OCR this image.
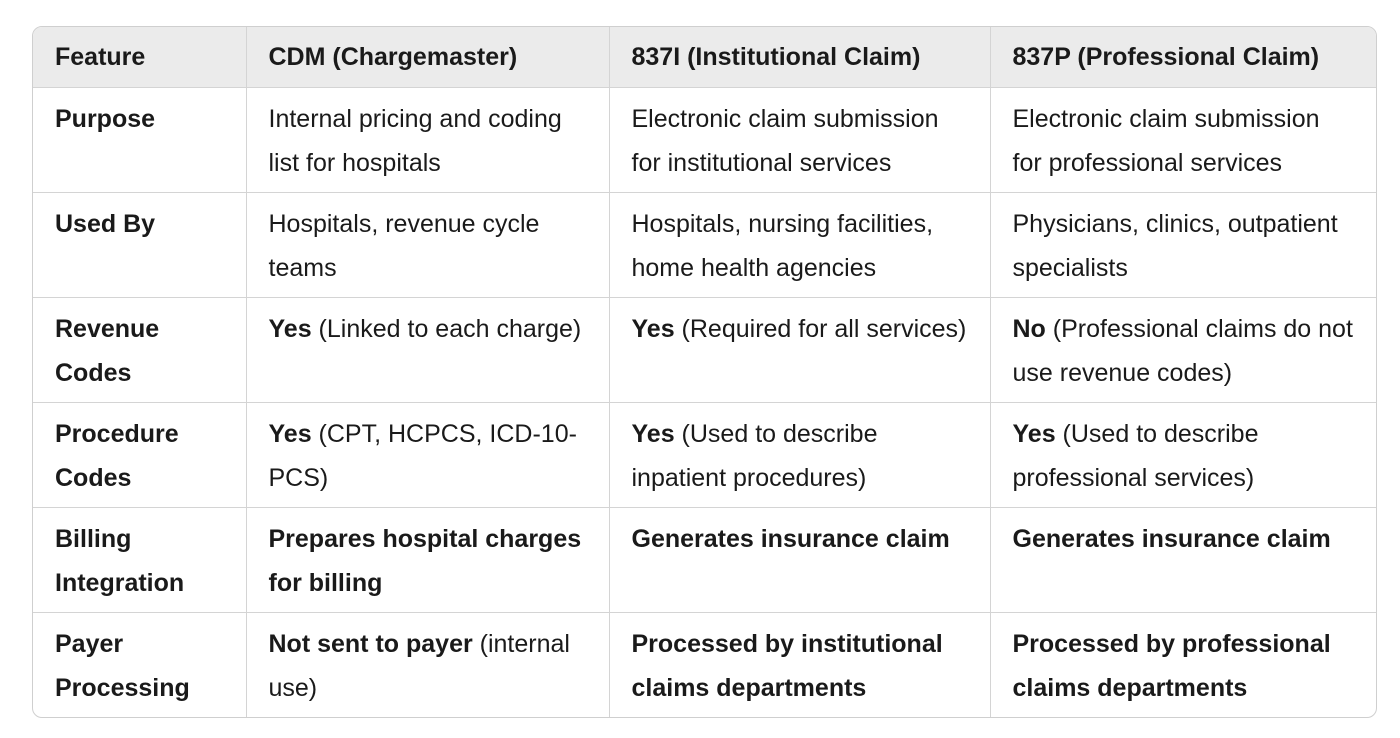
Feature	CDM (Chargemaster)	837I (Institutional Claim)	837P (Professional Claim)
Purpose	Internal pricing and coding list for hospitals	Electronic claim submission for institutional services	Electronic claim submission for professional services
Used By	Hospitals, revenue cycle teams	Hospitals, nursing facilities, home health agencies	Physicians, clinics, outpatient specialists
Revenue Codes	Yes (Linked to each charge)	Yes (Required for all services)	No (Professional claims do not use revenue codes)
Procedure Codes	Yes (CPT, HCPCS, ICD-10-PCS)	Yes (Used to describe inpatient procedures)	Yes (Used to describe professional services)
Billing Integration	Prepares hospital charges for billing	Generates insurance claim	Generates insurance claim
Payer Processing	Not sent to payer (internal use)	Processed by institutional claims departments	Processed by professional claims departments
